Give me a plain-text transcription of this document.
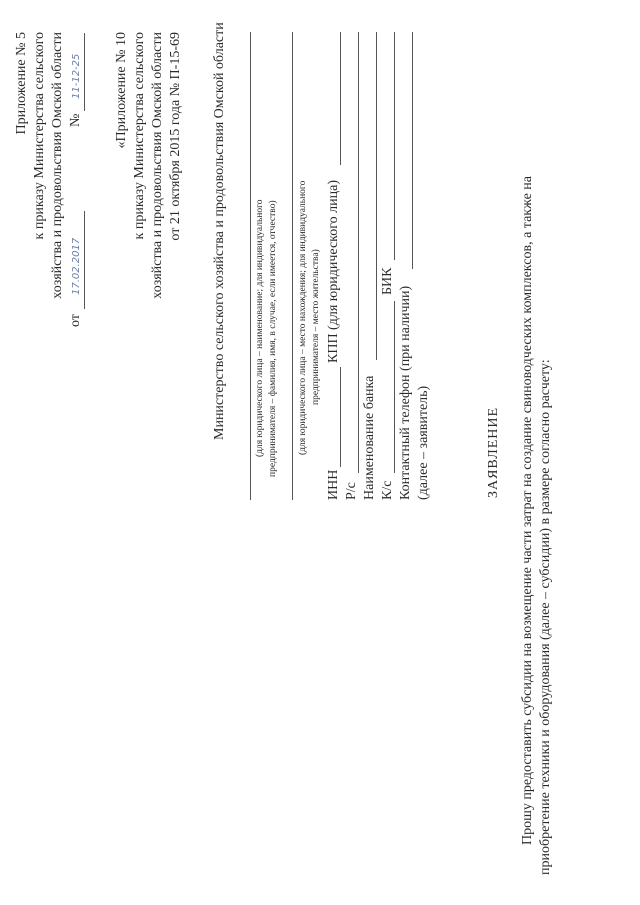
Приложение № 5 к приказу Министерства сельского хозяйства и продовольствия Омской области
от
17.02.2017
№
11-12-25 «Приложение № 10 к приказу Министерства сельского хозяйства и продовольствия Омской области от 21 октября 2015 года № П-15-69 Министерство сельского хозяйства и продовольствия Омской области	(для юридического лица – наименование; для индивидуального предпринимателя – фамилия, имя, в случае, если имеется, отчество) (для юридического лица – место нахождения; для индивидуального предпринимателя – место жительства)
ИНН
КПП (для юридического лица)
Р/с Наименование банка К/с
БИК
Контактный телефон (при наличии) (далее – заявитель)	ЗАЯВЛЕНИЕ Прошу предоставить субсидии на возмещение части затрат на создание свиноводческих комплексов, а также на приобретение техники и оборудования (далее – субсидии) в размере согласно расчету:
